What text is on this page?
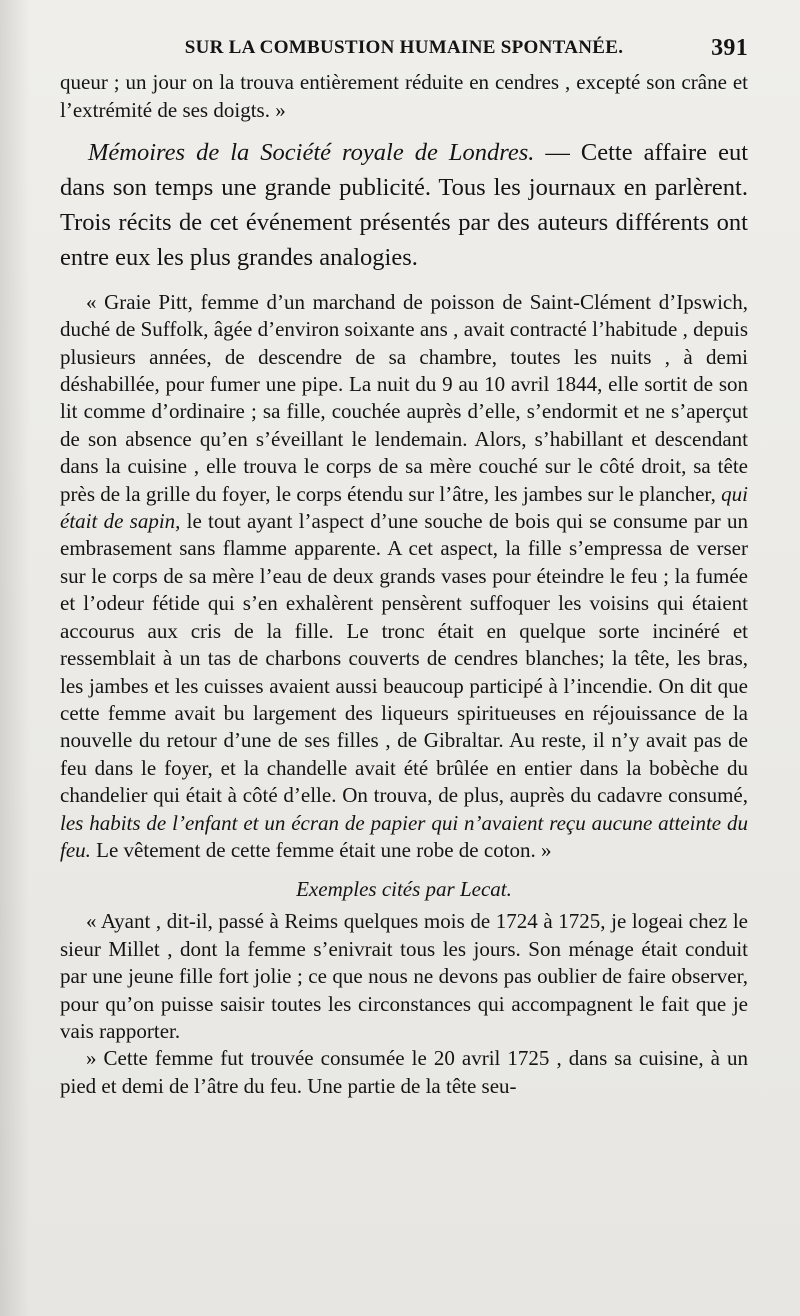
SUR LA COMBUSTION HUMAINE SPONTANÉE.	391

queur ; un jour on la trouva entièrement réduite en cendres , excepté son crâne et l’extrémité de ses doigts. »

Mémoires de la Société royale de Londres. — Cette affaire eut dans son temps une grande publicité. Tous les journaux en parlèrent. Trois récits de cet événement présentés par des auteurs différents ont entre eux les plus grandes analogies.

« Graie Pitt, femme d’un marchand de poisson de Saint-Clément d’Ipswich, duché de Suffolk, âgée d’environ soixante ans , avait contracté l’habitude , depuis plusieurs années, de descendre de sa chambre, toutes les nuits , à demi déshabillée, pour fumer une pipe. La nuit du 9 au 10 avril 1844, elle sortit de son lit comme d’ordinaire ; sa fille, couchée auprès d’elle, s’endormit et ne s’aperçut de son absence qu’en s’éveillant le lendemain. Alors, s’habillant et descendant dans la cuisine , elle trouva le corps de sa mère couché sur le côté droit, sa tête près de la grille du foyer, le corps étendu sur l’âtre, les jambes sur le plancher, qui était de sapin, le tout ayant l’aspect d’une souche de bois qui se consume par un embrasement sans flamme apparente. A cet aspect, la fille s’empressa de verser sur le corps de sa mère l’eau de deux grands vases pour éteindre le feu ; la fumée et l’odeur fétide qui s’en exhalèrent pensèrent suffoquer les voisins qui étaient accourus aux cris de la fille. Le tronc était en quelque sorte incinéré et ressemblait à un tas de charbons couverts de cendres blanches; la tête, les bras, les jambes et les cuisses avaient aussi beaucoup participé à l’incendie. On dit que cette femme avait bu largement des liqueurs spiritueuses en réjouissance de la nouvelle du retour d’une de ses filles , de Gibraltar. Au reste, il n’y avait pas de feu dans le foyer, et la chandelle avait été brûlée en entier dans la bobèche du chandelier qui était à côté d’elle. On trouva, de plus, auprès du cadavre consumé, les habits de l’enfant et un écran de papier qui n’avaient reçu aucune atteinte du feu. Le vêtement de cette femme était une robe de coton. »

Exemples cités par Lecat.

« Ayant , dit-il, passé à Reims quelques mois de 1724 à 1725, je logeai chez le sieur Millet , dont la femme s’enivrait tous les jours. Son ménage était conduit par une jeune fille fort jolie ; ce que nous ne devons pas oublier de faire observer, pour qu’on puisse saisir toutes les circonstances qui accompagnent le fait que je vais rapporter.

» Cette femme fut trouvée consumée le 20 avril 1725 , dans sa cuisine, à un pied et demi de l’âtre du feu. Une partie de la tête seu-
